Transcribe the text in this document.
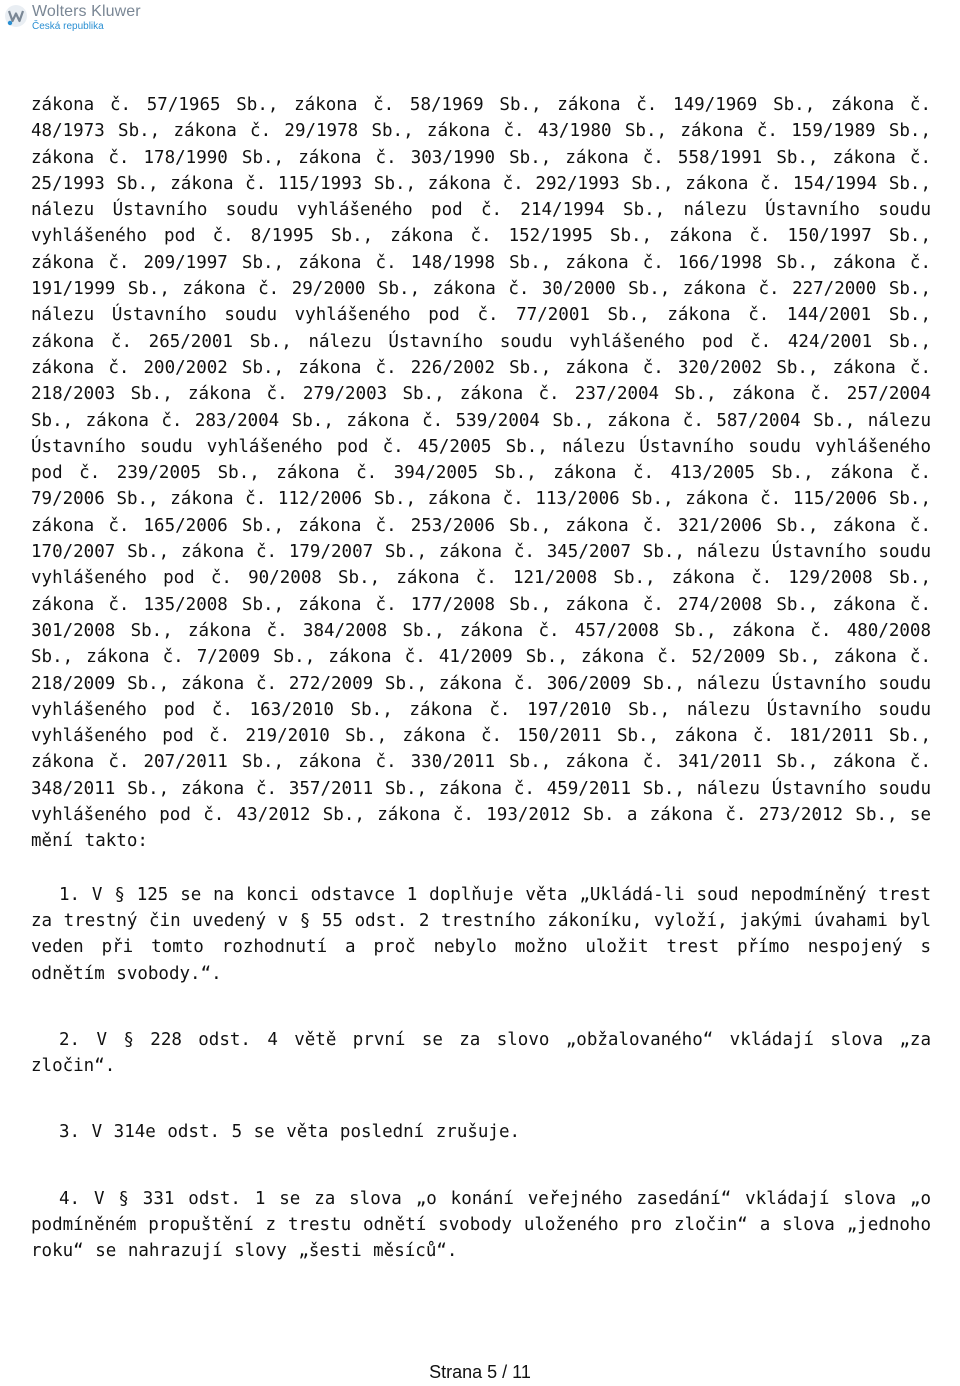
Wolters Kluwer
Česká republika

zákona č. 57/1965 Sb., zákona č. 58/1969 Sb., zákona č. 149/1969 Sb., zákona č. 48/1973 Sb., zákona č. 29/1978 Sb., zákona č. 43/1980 Sb., zákona č. 159/1989 Sb., zákona č. 178/1990 Sb., zákona č. 303/1990 Sb., zákona č. 558/1991 Sb., zákona č. 25/1993 Sb., zákona č. 115/1993 Sb., zákona č. 292/1993 Sb., zákona č. 154/1994 Sb., nálezu Ústavního soudu vyhlášeného pod č. 214/1994 Sb., nálezu Ústavního soudu vyhlášeného pod č. 8/1995 Sb., zákona č. 152/1995 Sb., zákona č. 150/1997 Sb., zákona č. 209/1997 Sb., zákona č. 148/1998 Sb., zákona č. 166/1998 Sb., zákona č. 191/1999 Sb., zákona č. 29/2000 Sb., zákona č. 30/2000 Sb., zákona č. 227/2000 Sb., nálezu Ústavního soudu vyhlášeného pod č. 77/2001 Sb., zákona č. 144/2001 Sb., zákona č. 265/2001 Sb., nálezu Ústavního soudu vyhlášeného pod č. 424/2001 Sb., zákona č. 200/2002 Sb., zákona č. 226/2002 Sb., zákona č. 320/2002 Sb., zákona č. 218/2003 Sb., zákona č. 279/2003 Sb., zákona č. 237/2004 Sb., zákona č. 257/2004 Sb., zákona č. 283/2004 Sb., zákona č. 539/2004 Sb., zákona č. 587/2004 Sb., nálezu Ústavního soudu vyhlášeného pod č. 45/2005 Sb., nálezu Ústavního soudu vyhlášeného pod č. 239/2005 Sb., zákona č. 394/2005 Sb., zákona č. 413/2005 Sb., zákona č. 79/2006 Sb., zákona č. 112/2006 Sb., zákona č. 113/2006 Sb., zákona č. 115/2006 Sb., zákona č. 165/2006 Sb., zákona č. 253/2006 Sb., zákona č. 321/2006 Sb., zákona č. 170/2007 Sb., zákona č. 179/2007 Sb., zákona č. 345/2007 Sb., nálezu Ústavního soudu vyhlášeného pod č. 90/2008 Sb., zákona č. 121/2008 Sb., zákona č. 129/2008 Sb., zákona č. 135/2008 Sb., zákona č. 177/2008 Sb., zákona č. 274/2008 Sb., zákona č. 301/2008 Sb., zákona č. 384/2008 Sb., zákona č. 457/2008 Sb., zákona č. 480/2008 Sb., zákona č. 7/2009 Sb., zákona č. 41/2009 Sb., zákona č. 52/2009 Sb., zákona č. 218/2009 Sb., zákona č. 272/2009 Sb., zákona č. 306/2009 Sb., nálezu Ústavního soudu vyhlášeného pod č. 163/2010 Sb., zákona č. 197/2010 Sb., nálezu Ústavního soudu vyhlášeného pod č. 219/2010 Sb., zákona č. 150/2011 Sb., zákona č. 181/2011 Sb., zákona č. 207/2011 Sb., zákona č. 330/2011 Sb., zákona č. 341/2011 Sb., zákona č. 348/2011 Sb., zákona č. 357/2011 Sb., zákona č. 459/2011 Sb., nálezu Ústavního soudu vyhlášeného pod č. 43/2012 Sb., zákona č. 193/2012 Sb. a zákona č. 273/2012 Sb., se mění takto:

1. V § 125 se na konci odstavce 1 doplňuje věta „Ukládá-li soud nepodmíněný trest za trestný čin uvedený v § 55 odst. 2 trestního zákoníku, vyloží, jakými úvahami byl veden při tomto rozhodnutí a proč nebylo možno uložit trest přímo nespojený s odnětím svobody.“.

2. V § 228 odst. 4 větě první se za slovo „obžalovaného“ vkládají slova „za zločin“.

3. V 314e odst. 5 se věta poslední zrušuje.

4. V § 331 odst. 1 se za slova „o konání veřejného zasedání“ vkládají slova „o podmíněném propuštění z trestu odnětí svobody uloženého pro zločin“ a slova „jednoho roku“ se nahrazují slovy „šesti měsíců“.

Strana 5 / 11
